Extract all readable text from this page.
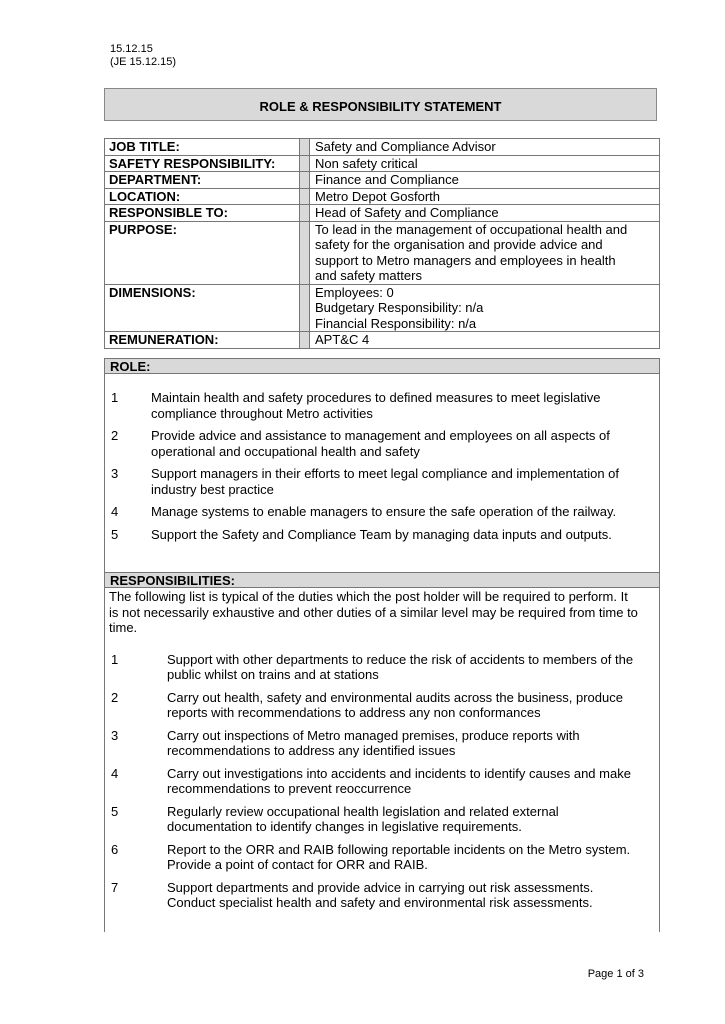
15.12.15
(JE 15.12.15)
ROLE & RESPONSIBILITY STATEMENT
JOB TITLE:		Safety and Compliance Advisor

SAFETY RESPONSIBILITY:		Non safety critical

DEPARTMENT:		Finance and Compliance

LOCATION:		Metro Depot Gosforth

RESPONSIBLE TO:		Head of Safety and Compliance

PURPOSE:		To lead in the management of occupational health and
safety for the organisation and provide advice and
support to Metro managers and employees in health
and safety matters

DIMENSIONS:		Employees: 0
Budgetary Responsibility: n/a
Financial Responsibility: n/a

REMUNERATION:		APT&C 4
ROLE:
1	Maintain health and safety procedures to defined measures to meet legislative
compliance throughout Metro activities
2	Provide advice and assistance to management and employees on all aspects of
operational and occupational health and safety
3	Support managers in their efforts to meet legal compliance and implementation of
industry best practice
4	Manage systems to enable managers to ensure the safe operation of the railway.
5	Support the Safety and Compliance Team by managing data inputs and outputs.
RESPONSIBILITIES:
The following list is typical of the duties which the post holder will be required to perform. It
is not necessarily exhaustive and other duties of a similar level may be required from time to
time.
1	Support with other departments to reduce the risk of accidents to members of the
public whilst on trains and at stations
2	Carry out health, safety and environmental audits across the business, produce
reports with recommendations to address any non conformances
3	Carry out inspections of Metro managed premises, produce reports with
recommendations to address any identified issues
4	Carry out investigations into accidents and incidents to identify causes and make
recommendations to prevent reoccurrence
5	Regularly review occupational health legislation and related external
documentation to identify changes in legislative requirements.
6	Report to the ORR and RAIB following reportable incidents on the Metro system.
Provide a point of contact for ORR and RAIB.
7	Support departments and provide advice in carrying out risk assessments.
Conduct specialist health and safety and environmental risk assessments.
Page 1 of 3
